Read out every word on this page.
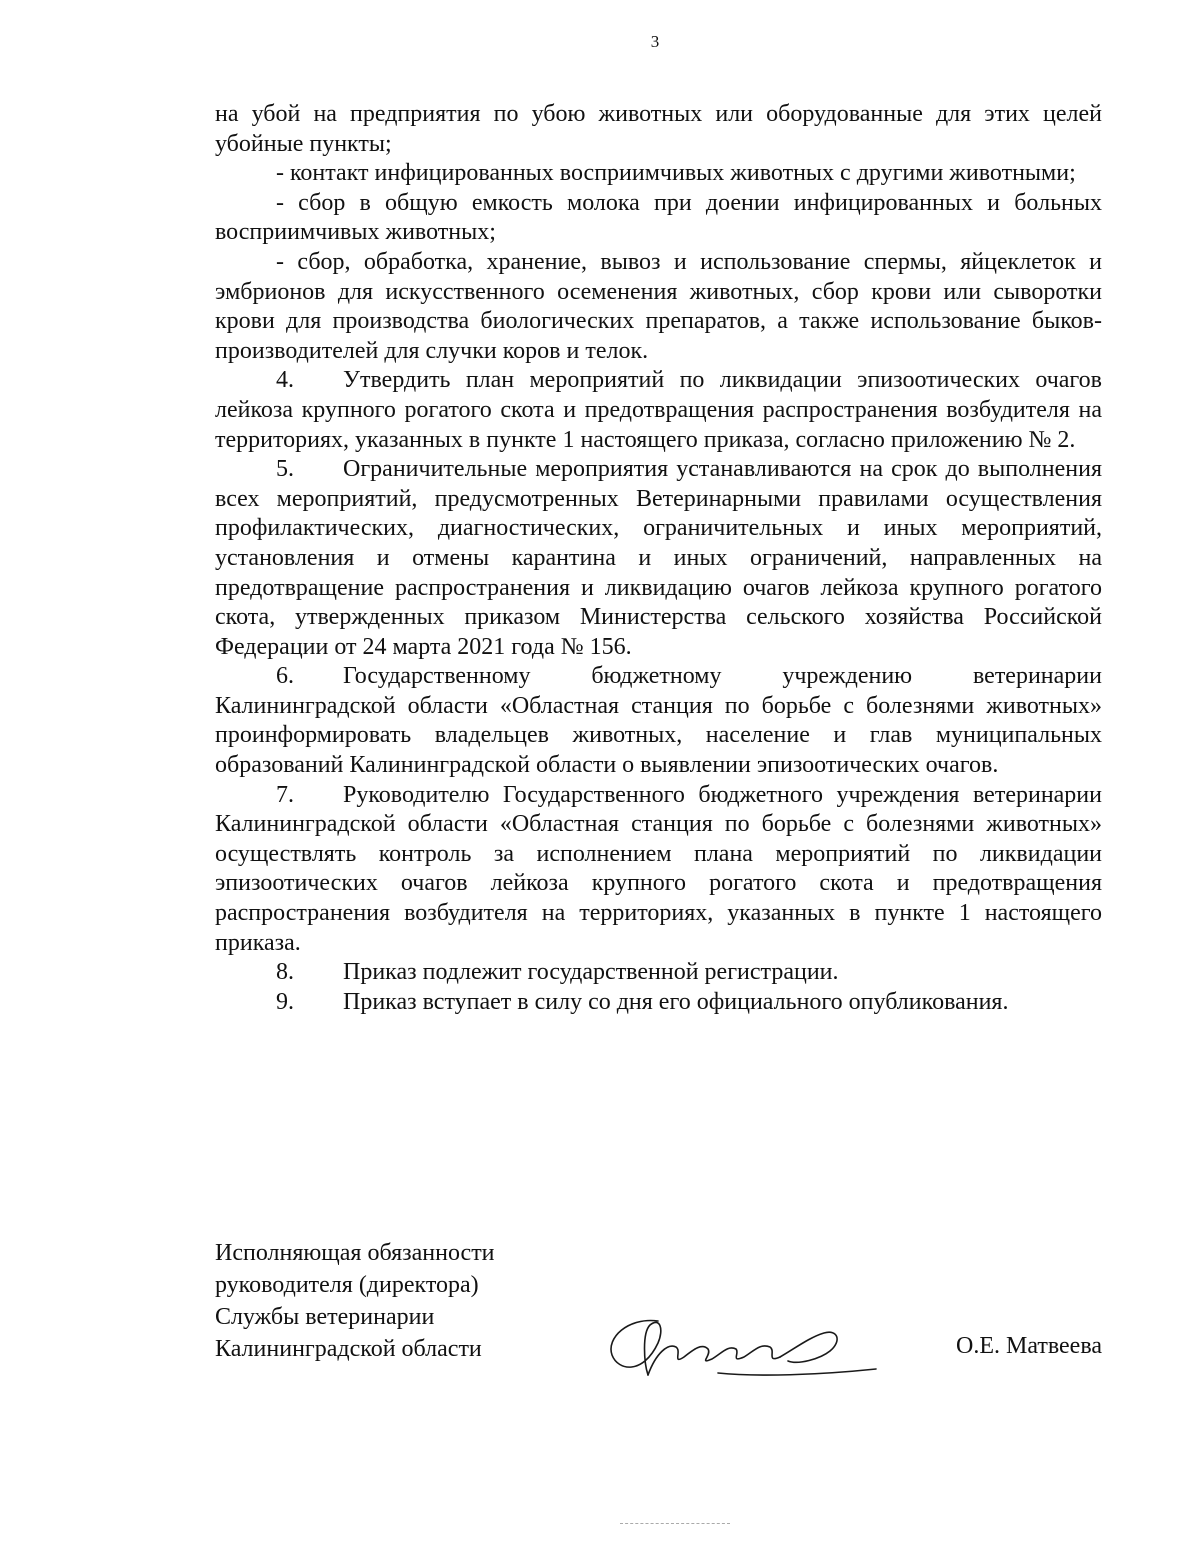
3

на убой на предприятия по убою животных или оборудованные для этих целей убойные пункты;

- контакт инфицированных восприимчивых животных с другими животными;

- сбор в общую емкость молока при доении инфицированных и больных восприимчивых животных;

- сбор, обработка, хранение, вывоз и использование спермы, яйцеклеток и эмбрионов для искусственного осеменения животных, сбор крови или сыворотки крови для производства биологических препаратов, а также использование быков-производителей для случки коров и телок.

4. Утвердить план мероприятий по ликвидации эпизоотических очагов лейкоза крупного рогатого скота и предотвращения распространения возбудителя на территориях, указанных в пункте 1 настоящего приказа, согласно приложению № 2.

5. Ограничительные мероприятия устанавливаются на срок до выполнения всех мероприятий, предусмотренных Ветеринарными правилами осуществления профилактических, диагностических, ограничительных и иных мероприятий, установления и отмены карантина и иных ограничений, направленных на предотвращение распространения и ликвидацию очагов лейкоза крупного рогатого скота, утвержденных приказом Министерства сельского хозяйства Российской Федерации от 24 марта 2021 года № 156.

6. Государственному бюджетному учреждению ветеринарии Калининградской области «Областная станция по борьбе с болезнями животных» проинформировать владельцев животных, население и глав муниципальных образований Калининградской области о выявлении эпизоотических очагов.

7. Руководителю Государственного бюджетного учреждения ветеринарии Калининградской области «Областная станция по борьбе с болезнями животных» осуществлять контроль за исполнением плана мероприятий по ликвидации эпизоотических очагов лейкоза крупного рогатого скота и предотвращения распространения возбудителя на территориях, указанных в пункте 1 настоящего приказа.

8. Приказ подлежит государственной регистрации.

9. Приказ вступает в силу со дня его официального опубликования.

Исполняющая обязанности
руководителя (директора)
Службы ветеринарии
Калининградской области	О.Е. Матвеева
